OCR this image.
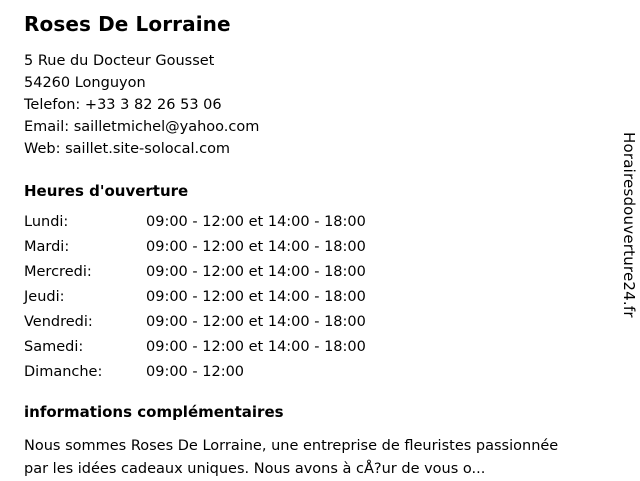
Roses De Lorraine
5 Rue du Docteur Gousset
54260 Longuyon
Telefon: +33 3 82 26 53 06
Email: sailletmichel@yahoo.com
Web: saillet.site-solocal.com
Heures d'ouverture
Lundi:	09:00 - 12:00 et 14:00 - 18:00
Mardi:	09:00 - 12:00 et 14:00 - 18:00
Mercredi:	09:00 - 12:00 et 14:00 - 18:00
Jeudi:	09:00 - 12:00 et 14:00 - 18:00
Vendredi:	09:00 - 12:00 et 14:00 - 18:00
Samedi:	09:00 - 12:00 et 14:00 - 18:00
Dimanche:	09:00 - 12:00
informations complémentaires
Nous sommes Roses De Lorraine, une entreprise de fleuristes passionnée par les idées cadeaux uniques. Nous avons à cÅ?ur de vous o...
Horairesdouverture24.fr
